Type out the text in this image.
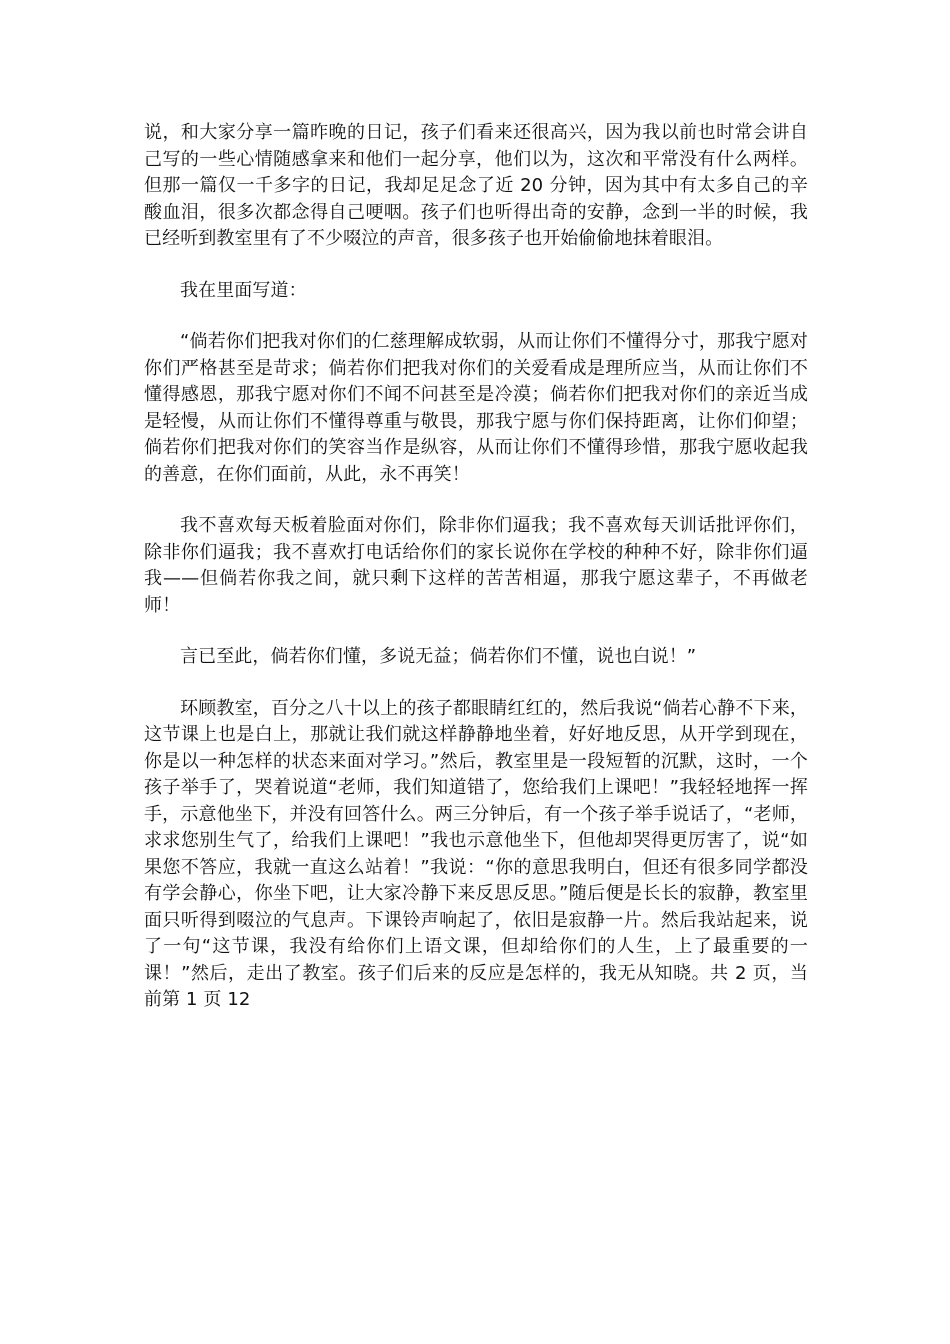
说，和大家分享一篇昨晚的日记，孩子们看来还很高兴，因为我以前也时常会讲自己写的一些心情随感拿来和他们一起分享，他们以为，这次和平常没有什么两样。但那一篇仅一千多字的日记，我却足足念了近 20 分钟，因为其中有太多自己的辛酸血泪，很多次都念得自己哽咽。孩子们也听得出奇的安静，念到一半的时候，我已经听到教室里有了不少啜泣的声音，很多孩子也开始偷偷地抹着眼泪。

我在里面写道：

“倘若你们把我对你们的仁慈理解成软弱，从而让你们不懂得分寸，那我宁愿对你们严格甚至是苛求；倘若你们把我对你们的关爱看成是理所应当，从而让你们不懂得感恩，那我宁愿对你们不闻不问甚至是冷漠；倘若你们把我对你们的亲近当成是轻慢，从而让你们不懂得尊重与敬畏，那我宁愿与你们保持距离，让你们仰望；倘若你们把我对你们的笑容当作是纵容，从而让你们不懂得珍惜，那我宁愿收起我的善意，在你们面前，从此，永不再笑！

我不喜欢每天板着脸面对你们，除非你们逼我；我不喜欢每天训话批评你们，除非你们逼我；我不喜欢打电话给你们的家长说你在学校的种种不好，除非你们逼我——但倘若你我之间，就只剩下这样的苦苦相逼，那我宁愿这辈子，不再做老师！

言已至此，倘若你们懂，多说无益；倘若你们不懂，说也白说！”

环顾教室，百分之八十以上的孩子都眼睛红红的，然后我说“倘若心静不下来，这节课上也是白上，那就让我们就这样静静地坐着，好好地反思，从开学到现在，你是以一种怎样的状态来面对学习。”然后，教室里是一段短暂的沉默，这时，一个孩子举手了，哭着说道“老师，我们知道错了，您给我们上课吧！”我轻轻地挥一挥手，示意他坐下，并没有回答什么。两三分钟后，有一个孩子举手说话了，“老师，求求您别生气了，给我们上课吧！”我也示意他坐下，但他却哭得更厉害了，说“如果您不答应，我就一直这么站着！”我说：“你的意思我明白，但还有很多同学都没有学会静心，你坐下吧，让大家冷静下来反思反思。”随后便是长长的寂静，教室里面只听得到啜泣的气息声。下课铃声响起了，依旧是寂静一片。然后我站起来，说了一句“这节课，我没有给你们上语文课，但却给你们的人生，上了最重要的一课！”然后，走出了教室。孩子们后来的反应是怎样的，我无从知晓。共 2 页，当前第 1 页 12
